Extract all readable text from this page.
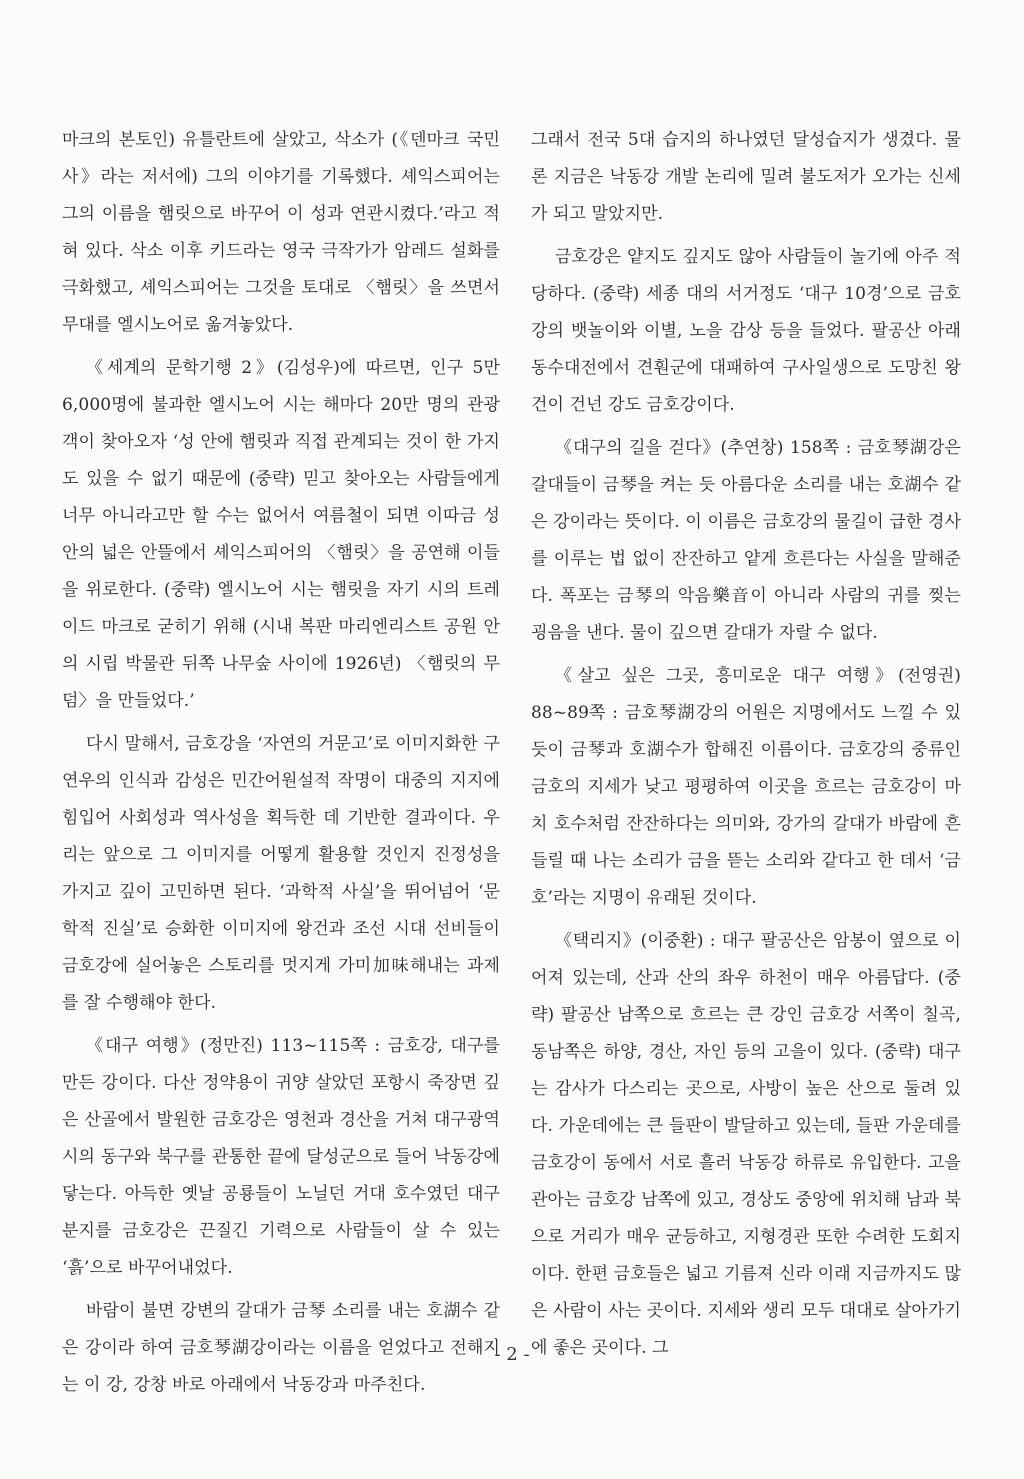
마크의 본토인) 유틀란트에 살았고, 삭소가 (《덴마크 국민사》라는 저서에) 그의 이야기를 기록했다. 셰익스피어는 그의 이름을 햄릿으로 바꾸어 이 성과 연관시켰다.’라고 적혀 있다. 삭소 이후 키드라는 영국 극작가가 암레드 설화를 극화했고, 셰익스피어는 그것을 토대로 〈햄릿〉을 쓰면서 무대를 엘시노어로 옮겨놓았다.

《세계의 문학기행 2》(김성우)에 따르면, 인구 5만 6,000명에 불과한 엘시노어 시는 해마다 20만 명의 관광객이 찾아오자 ‘성 안에 햄릿과 직접 관계되는 것이 한 가지도 있을 수 없기 때문에 (중략) 믿고 찾아오는 사람들에게 너무 아니라고만 할 수는 없어서 여름철이 되면 이따금 성 안의 넓은 안뜰에서 셰익스피어의 〈햄릿〉을 공연해 이들을 위로한다. (중략) 엘시노어 시는 햄릿을 자기 시의 트레이드 마크로 굳히기 위해 (시내 복판 마리엔리스트 공원 안의 시립 박물관 뒤쪽 나무숲 사이에 1926년) 〈햄릿의 무덤〉을 만들었다.’

다시 말해서, 금호강을 ‘자연의 거문고’로 이미지화한 구연우의 인식과 감성은 민간어원설적 작명이 대중의 지지에 힘입어 사회성과 역사성을 획득한 데 기반한 결과이다. 우리는 앞으로 그 이미지를 어떻게 활용할 것인지 진정성을 가지고 깊이 고민하면 된다. ‘과학적 사실’을 뛰어넘어 ‘문학적 진실’로 승화한 이미지에 왕건과 조선 시대 선비들이 금호강에 실어놓은 스토리를 멋지게 가미加味해내는 과제를 잘 수행해야 한다.

《대구 여행》(정만진) 113~115쪽 : 금호강, 대구를 만든 강이다. 다산 정약용이 귀양 살았던 포항시 죽장면 깊은 산골에서 발원한 금호강은 영천과 경산을 거쳐 대구광역시의 동구와 북구를 관통한 끝에 달성군으로 들어 낙동강에 닿는다. 아득한 옛날 공룡들이 노닐던 거대 호수였던 대구 분지를 금호강은 끈질긴 기력으로 사람들이 살 수 있는 ‘흙’으로 바꾸어내었다.

바람이 불면 강변의 갈대가 금琴 소리를 내는 호湖수 같은 강이라 하여 금호琴湖강이라는 이름을 얻었다고 전해지는 이 강, 강창 바로 아래에서 낙동강과 마주친다.

그래서 전국 5대 습지의 하나였던 달성습지가 생겼다. 물론 지금은 낙동강 개발 논리에 밀려 불도저가 오가는 신세가 되고 말았지만.

금호강은 얕지도 깊지도 않아 사람들이 놀기에 아주 적당하다. (중략) 세종 대의 서거정도 ‘대구 10경’으로 금호강의 뱃놀이와 이별, 노을 감상 등을 들었다. 팔공산 아래 동수대전에서 견훤군에 대패하여 구사일생으로 도망친 왕건이 건넌 강도 금호강이다.

《대구의 길을 걷다》(추연창) 158쪽 : 금호琴湖강은 갈대들이 금琴을 켜는 듯 아름다운 소리를 내는 호湖수 같은 강이라는 뜻이다. 이 이름은 금호강의 물길이 급한 경사를 이루는 법 없이 잔잔하고 얕게 흐른다는 사실을 말해준다. 폭포는 금琴의 악음樂音이 아니라 사람의 귀를 찢는 굉음을 낸다. 물이 깊으면 갈대가 자랄 수 없다.

《살고 싶은 그곳, 흥미로운 대구 여행》(전영권) 88~89쪽 : 금호琴湖강의 어원은 지명에서도 느낄 수 있듯이 금琴과 호湖수가 합해진 이름이다. 금호강의 중류인 금호의 지세가 낮고 평평하여 이곳을 흐르는 금호강이 마치 호수처럼 잔잔하다는 의미와, 강가의 갈대가 바람에 흔들릴 때 나는 소리가 금을 뜯는 소리와 같다고 한 데서 ‘금호’라는 지명이 유래된 것이다.

《택리지》(이중환) : 대구 팔공산은 암봉이 옆으로 이어져 있는데, 산과 산의 좌우 하천이 매우 아름답다. (중략) 팔공산 남쪽으로 흐르는 큰 강인 금호강 서쪽이 칠곡, 동남쪽은 하양, 경산, 자인 등의 고을이 있다. (중략) 대구는 감사가 다스리는 곳으로, 사방이 높은 산으로 둘려 있다. 가운데에는 큰 들판이 발달하고 있는데, 들판 가운데를 금호강이 동에서 서로 흘러 낙동강 하류로 유입한다. 고을 관아는 금호강 남쪽에 있고, 경상도 중앙에 위치해 남과 북으로 거리가 매우 균등하고, 지형경관 또한 수려한 도회지이다. 한편 금호들은 넓고 기름져 신라 이래 지금까지도 많은 사람이 사는 곳이다. 지세와 생리 모두 대대로 살아가기에 좋은 곳이다. 그

- 2 -
